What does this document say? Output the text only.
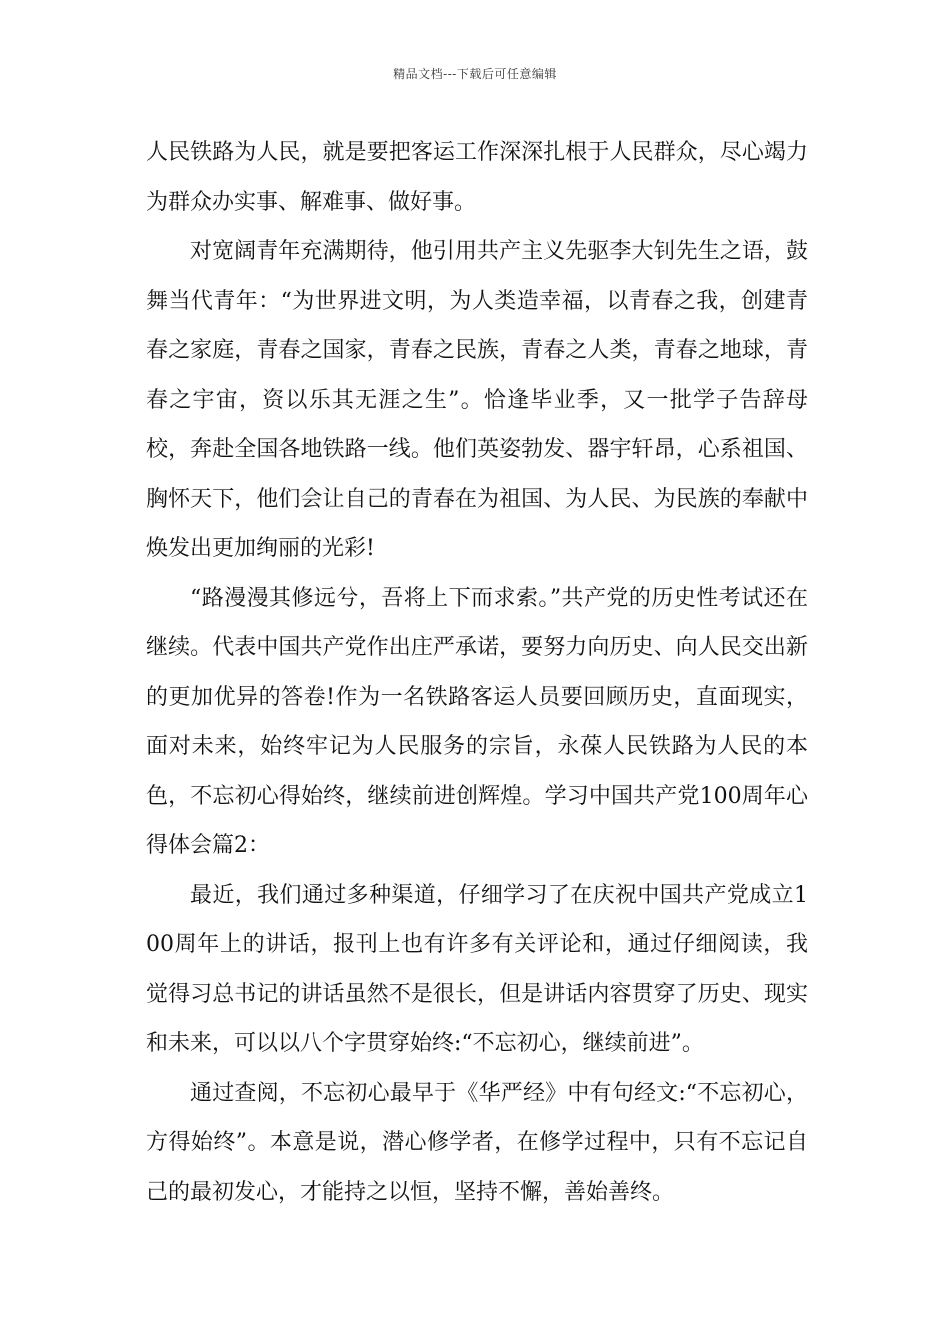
精品文档---下载后可任意编辑

人民铁路为人民，就是要把客运工作深深扎根于人民群众，尽心竭力为群众办实事、解难事、做好事。

对宽阔青年充满期待，他引用共产主义先驱李大钊先生之语，鼓舞当代青年：“为世界进文明，为人类造幸福，以青春之我，创建青春之家庭，青春之国家，青春之民族，青春之人类，青春之地球，青春之宇宙，资以乐其无涯之生”。恰逢毕业季，又一批学子告辞母校，奔赴全国各地铁路一线。他们英姿勃发、器宇轩昂，心系祖国、胸怀天下，他们会让自己的青春在为祖国、为人民、为民族的奉献中焕发出更加绚丽的光彩!

“路漫漫其修远兮，吾将上下而求索。”共产党的历史性考试还在继续。代表中国共产党作出庄严承诺，要努力向历史、向人民交出新的更加优异的答卷!作为一名铁路客运人员要回顾历史，直面现实，面对未来，始终牢记为人民服务的宗旨，永葆人民铁路为人民的本色，不忘初心得始终，继续前进创辉煌。学习中国共产党100周年心得体会篇2：

最近，我们通过多种渠道，仔细学习了在庆祝中国共产党成立100周年上的讲话，报刊上也有许多有关评论和，通过仔细阅读，我觉得习总书记的讲话虽然不是很长，但是讲话内容贯穿了历史、现实和未来，可以以八个字贯穿始终:“不忘初心，继续前进”。

通过查阅，不忘初心最早于《华严经》中有句经文:“不忘初心，方得始终”。本意是说，潜心修学者，在修学过程中，只有不忘记自己的最初发心，才能持之以恒，坚持不懈，善始善终。
